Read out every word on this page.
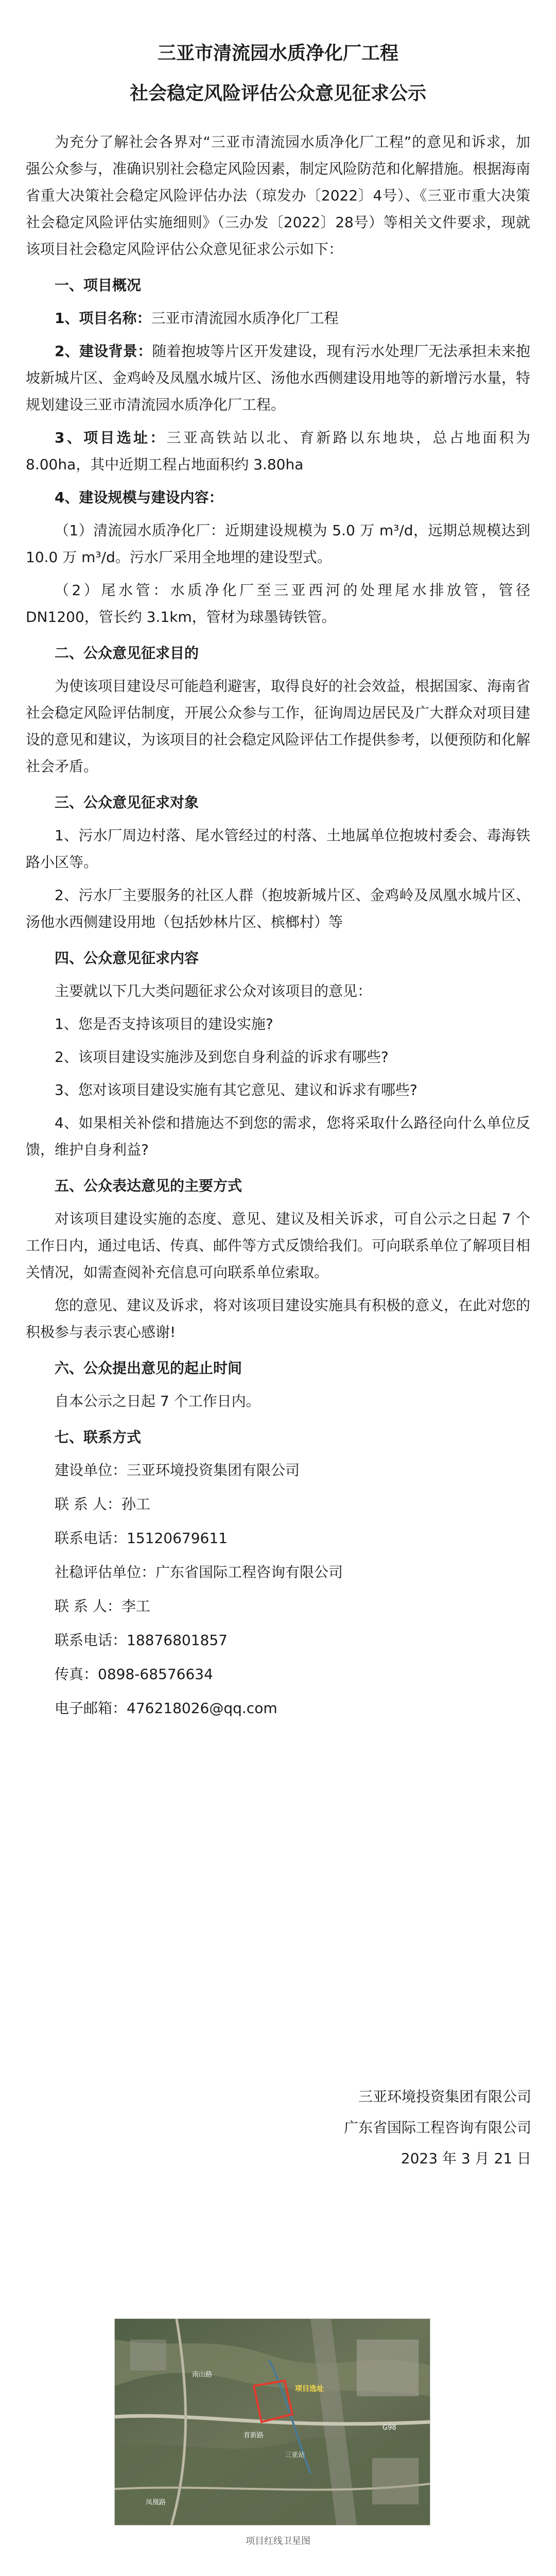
三亚市清流园水质净化厂工程
社会稳定风险评估公众意见征求公示
为充分了解社会各界对“三亚市清流园水质净化厂工程”的意见和诉求，加强公众参与，准确识别社会稳定风险因素，制定风险防范和化解措施。根据海南省重大决策社会稳定风险评估办法（琼发办〔2022〕4号）、《三亚市重大决策社会稳定风险评估实施细则》（三办发〔2022〕28号）等相关文件要求，现就该项目社会稳定风险评估公众意见征求公示如下：
一、项目概况
1、项目名称：三亚市清流园水质净化厂工程
2、建设背景：随着抱坡等片区开发建设，现有污水处理厂无法承担未来抱坡新城片区、金鸡岭及凤凰水城片区、汤他水西侧建设用地等的新增污水量，特规划建设三亚市清流园水质净化厂工程。
3、项目选址：三亚高铁站以北、育新路以东地块，总占地面积为 8.00ha，其中近期工程占地面积约 3.80ha
4、建设规模与建设内容：
（1）清流园水质净化厂：近期建设规模为 5.0 万 m³/d，远期总规模达到 10.0 万 m³/d。污水厂采用全地埋的建设型式。
（2）尾水管：水质净化厂至三亚西河的处理尾水排放管，管径 DN1200，管长约 3.1km，管材为球墨铸铁管。
二、公众意见征求目的
为使该项目建设尽可能趋利避害，取得良好的社会效益，根据国家、海南省社会稳定风险评估制度，开展公众参与工作，征询周边居民及广大群众对项目建设的意见和建议，为该项目的社会稳定风险评估工作提供参考，以便预防和化解社会矛盾。
三、公众意见征求对象
1、污水厂周边村落、尾水管经过的村落、土地属单位抱坡村委会、毒海铁路小区等。
2、污水厂主要服务的社区人群（抱坡新城片区、金鸡岭及凤凰水城片区、汤他水西侧建设用地（包括妙林片区、槟榔村）等
四、公众意见征求内容
主要就以下几大类问题征求公众对该项目的意见：
1、您是否支持该项目的建设实施?
2、该项目建设实施涉及到您自身利益的诉求有哪些?
3、您对该项目建设实施有其它意见、建议和诉求有哪些?
4、如果相关补偿和措施达不到您的需求，您将采取什么路径向什么单位反馈，维护自身利益?
五、公众表达意见的主要方式
对该项目建设实施的态度、意见、建议及相关诉求，可自公示之日起 7 个工作日内，通过电话、传真、邮件等方式反馈给我们。可向联系单位了解项目相关情况，如需查阅补充信息可向联系单位索取。
您的意见、建议及诉求，将对该项目建设实施具有积极的意义，在此对您的积极参与表示衷心感谢!
六、公众提出意见的起止时间
自本公示之日起 7 个工作日内。
七、联系方式
建设单位：三亚环境投资集团有限公司
联 系 人：孙工
联系电话：15120679611
社稳评估单位：广东省国际工程咨询有限公司
联 系 人：李工
联系电话：18876801857
传真：0898-68576634
电子邮箱：476218026@qq.com
三亚环境投资集团有限公司
广东省国际工程咨询有限公司
2023 年 3 月 21 日
南山路
育新路
三亚站
凤凰路
G98
项目选址
项目红线卫星图
